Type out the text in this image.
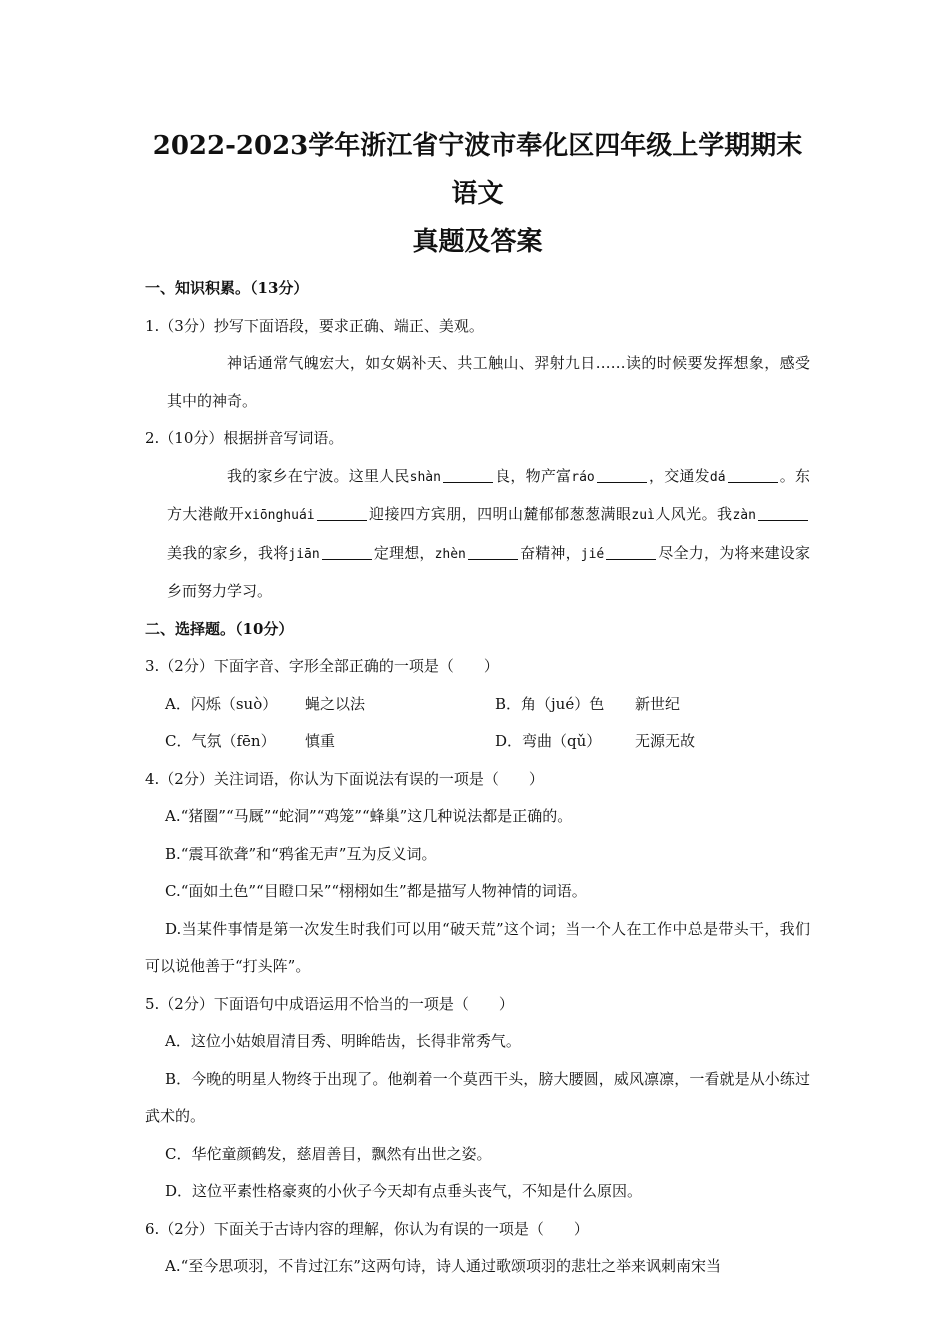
2022-2023学年浙江省宁波市奉化区四年级上学期期末语文
真题及答案

一、知识积累。（13分）

1.（3分）抄写下面语段，要求正确、端正、美观。

神话通常气魄宏大，如女娲补天、共工触山、羿射九日……读的时候要发挥想象，感受其中的神奇。

2.（10分）根据拼音写词语。

我的家乡在宁波。这里人民shàn	良，物产富ráo	，交通发dá	。东方大港敞开xiōnghuái	迎接四方宾朋，四明山麓郁郁葱葱满眼zuì人风光。我zàn美我的家乡，我将jiān	定理想，zhèn	奋精神，jié	尽全力，为将来建设家乡而努力学习。

二、选择题。（10分）

3.（2分）下面字音、字形全部正确的一项是（　　）

A．闪烁（suò）	蝇之以法	B．角（jué）色	新世纪
C．气氛（fēn）	慎重	D．弯曲（qǔ）	无源无故

4.（2分）关注词语，你认为下面说法有误的一项是（　　）

A.“猪圈”“马厩”“蛇洞”“鸡笼”“蜂巢”这几种说法都是正确的。

B.“震耳欲聋”和“鸦雀无声”互为反义词。

C.“面如土色”“目瞪口呆”“栩栩如生”都是描写人物神情的词语。

D.当某件事情是第一次发生时我们可以用“破天荒”这个词；当一个人在工作中总是带头干，我们可以说他善于“打头阵”。

5.（2分）下面语句中成语运用不恰当的一项是（　　）

A．这位小姑娘眉清目秀、明眸皓齿，长得非常秀气。

B．今晚的明星人物终于出现了。他剃着一个莫西干头，膀大腰圆，威风凛凛，一看就是从小练过武术的。

C．华佗童颜鹤发，慈眉善目，飘然有出世之姿。

D．这位平素性格豪爽的小伙子今天却有点垂头丧气，不知是什么原因。

6.（2分）下面关于古诗内容的理解，你认为有误的一项是（　　）

A.“至今思项羽，不肯过江东”这两句诗，诗人通过歌颂项羽的悲壮之举来讽刺南宋当
